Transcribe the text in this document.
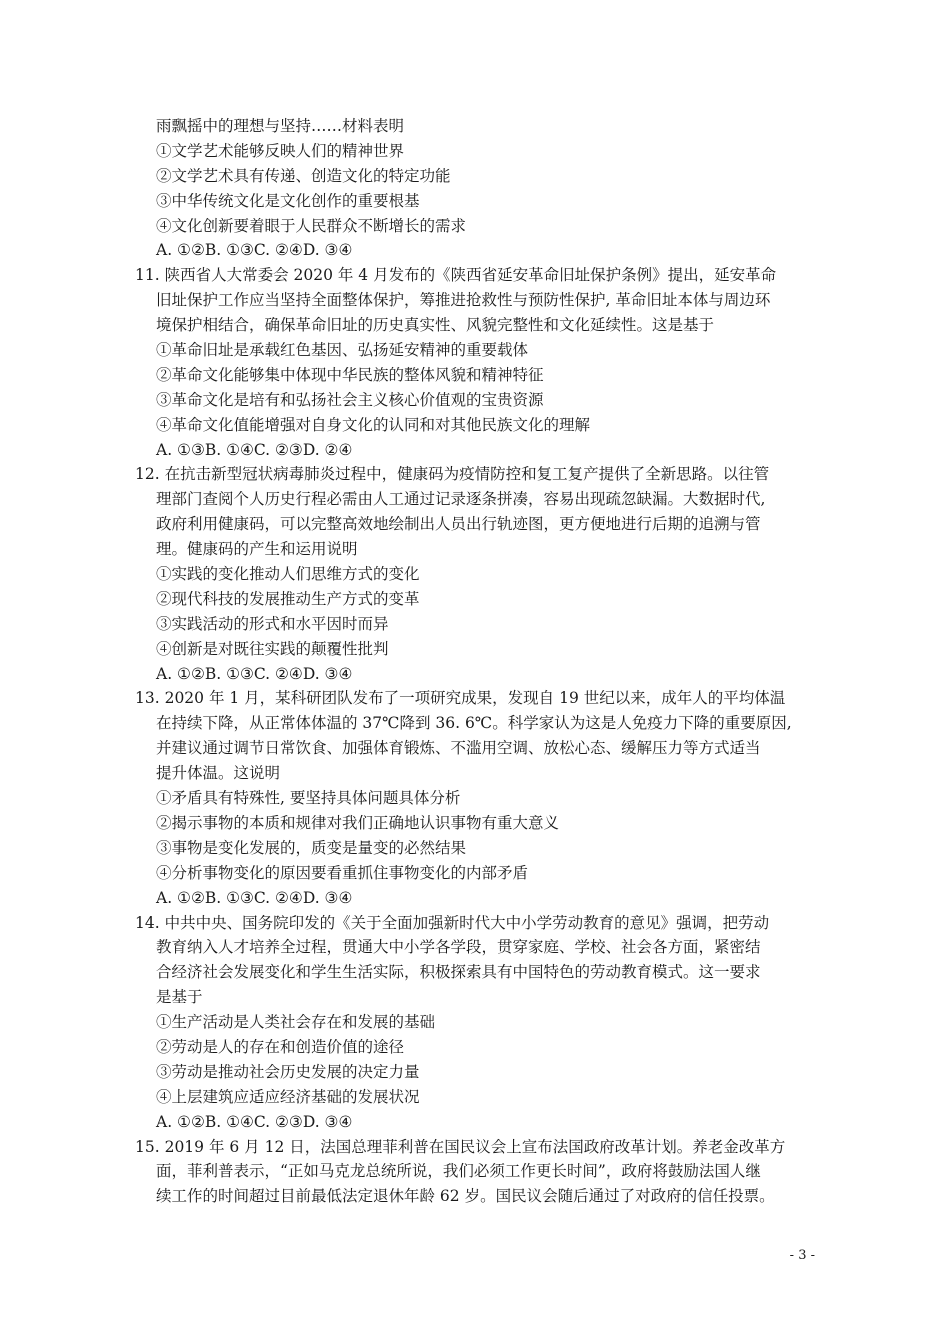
雨飘摇中的理想与坚持……材料表明
①文学艺术能够反映人们的精神世界
②文学艺术具有传递、创造文化的特定功能
③中华传统文化是文化创作的重要根基
④文化创新要着眼于人民群众不断增长的需求
A. ①②B. ①③C. ②④D. ③④
11. 陕西省人大常委会 2020 年 4 月发布的《陕西省延安革命旧址保护条例》提出，延安革命
旧址保护工作应当坚持全面整体保护，筹推进抢救性与预防性保护, 革命旧址本体与周边环
境保护相结合，确保革命旧址的历史真实性、风貌完整性和文化延续性。这是基于
①革命旧址是承载红色基因、弘扬延安精神的重要载体
②革命文化能够集中体现中华民族的整体风貌和精神特征
③革命文化是培有和弘扬社会主义核心价值观的宝贵资源
④革命文化值能增强对自身文化的认同和对其他民族文化的理解
A. ①③B. ①④C. ②③D. ②④
12. 在抗击新型冠状病毒肺炎过程中，健康码为疫情防控和复工复产提供了全新思路。以往管
理部门查阅个人历史行程必需由人工通过记录逐条拼凑，容易出现疏忽缺漏。大数据时代,
政府利用健康码，可以完整高效地绘制出人员出行轨迹图，更方便地进行后期的追溯与管
理。健康码的产生和运用说明
①实践的变化推动人们思维方式的变化
②现代科技的发展推动生产方式的变革
③实践活动的形式和水平因时而异
④创新是对既往实践的颠覆性批判
A. ①②B. ①③C. ②④D. ③④
13. 2020 年 1 月，某科研团队发布了一项研究成果，发现自 19 世纪以来，成年人的平均体温
在持续下降，从正常体体温的 37℃降到 36. 6℃。科学家认为这是人免疫力下降的重要原因,
并建议通过调节日常饮食、加强体育锻炼、不滥用空调、放松心态、缓解压力等方式适当
提升体温。这说明
①矛盾具有特殊性, 要坚持具体问题具体分析
②揭示事物的本质和规律对我们正确地认识事物有重大意义
③事物是变化发展的，质变是量变的必然结果
④分析事物变化的原因要看重抓住事物变化的内部矛盾
A. ①②B. ①③C. ②④D. ③④
14. 中共中央、国务院印发的《关于全面加强新时代大中小学劳动教育的意见》强调，把劳动
教育纳入人才培养全过程，贯通大中小学各学段，贯穿家庭、学校、社会各方面，紧密结
合经济社会发展变化和学生生活实际，积极探索具有中国特色的劳动教育模式。这一要求
是基于
①生产活动是人类社会存在和发展的基础
②劳动是人的存在和创造价值的途径
③劳动是推动社会历史发展的决定力量
④上层建筑应适应经济基础的发展状况
A. ①②B. ①④C. ②③D. ③④
15. 2019 年 6 月 12 日，法国总理菲利普在国民议会上宣布法国政府改革计划。养老金改革方
面，菲利普表示，“正如马克龙总统所说，我们必须工作更长时间”，政府将鼓励法国人继
续工作的时间超过目前最低法定退休年龄 62 岁。国民议会随后通过了对政府的信任投票。
- 3 -
